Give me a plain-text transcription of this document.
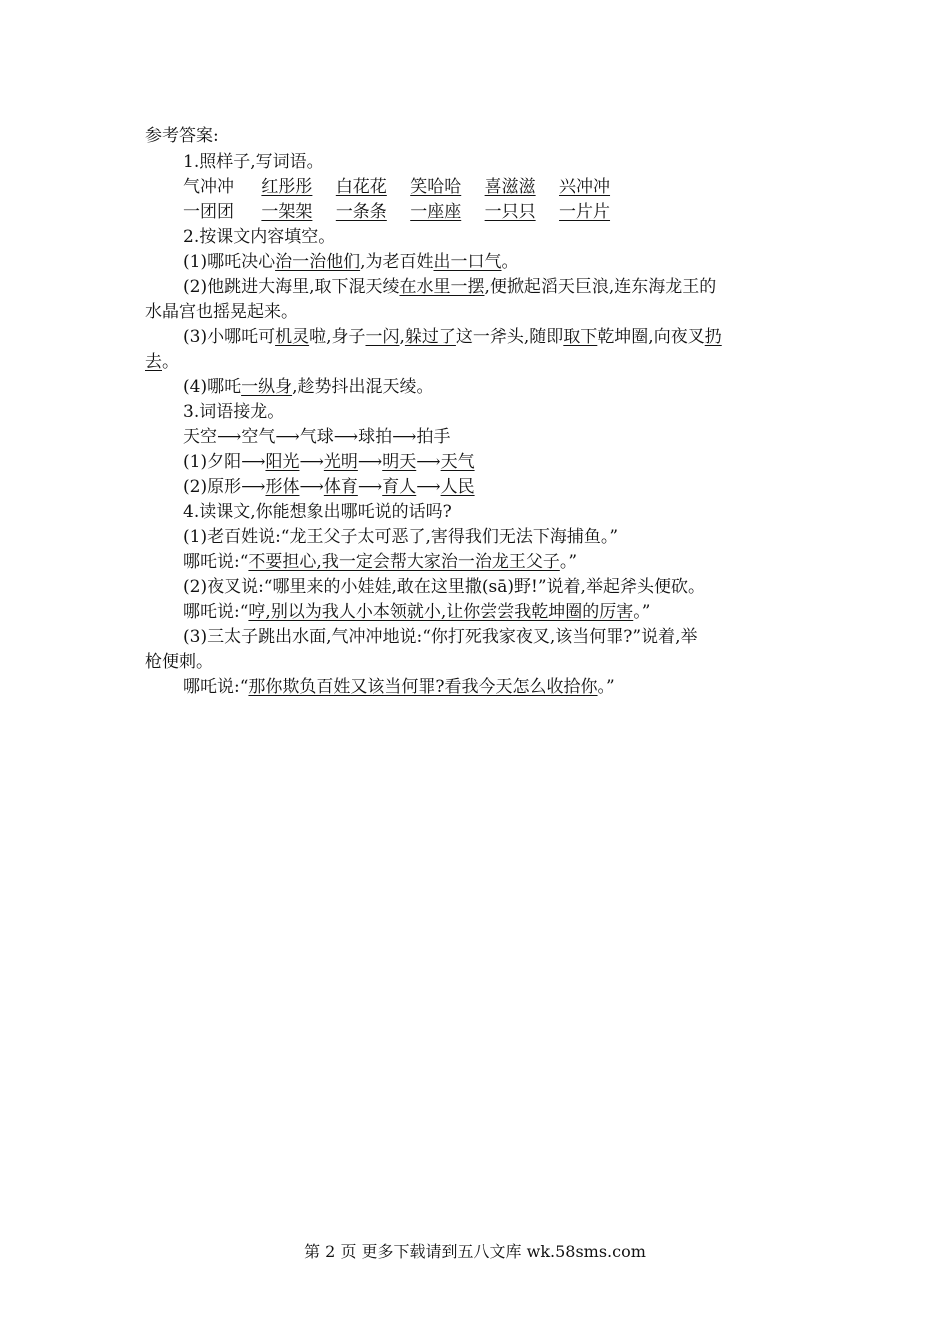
参考答案:
1.照样子,写词语。
气冲冲 红彤彤 白花花 笑哈哈 喜滋滋 兴冲冲
一团团 一架架 一条条 一座座 一只只 一片片
2.按课文内容填空。
(1)哪吒决心治一治他们,为老百姓出一口气。
(2)他跳进大海里,取下混天绫在水里一摆,便掀起滔天巨浪,连东海龙王的
水晶宫也摇晃起来。
(3)小哪吒可机灵啦,身子一闪,躲过了这一斧头,随即取下乾坤圈,向夜叉扔
去。
(4)哪吒一纵身,趁势抖出混天绫。
3.词语接龙。
天空⟶空气⟶气球⟶球拍⟶拍手
(1)夕阳⟶阳光⟶光明⟶明天⟶天气
(2)原形⟶形体⟶体育⟶育人⟶人民
4.读课文,你能想象出哪吒说的话吗?
(1)老百姓说:“龙王父子太可恶了,害得我们无法下海捕鱼。”
哪吒说:“不要担心,我一定会帮大家治一治龙王父子。”
(2)夜叉说:“哪里来的小娃娃,敢在这里撒(sā)野!”说着,举起斧头便砍。
哪吒说:“哼,别以为我人小本领就小,让你尝尝我乾坤圈的厉害。”
(3)三太子跳出水面,气冲冲地说:“你打死我家夜叉,该当何罪?”说着,举
枪便刺。
哪吒说:“那你欺负百姓又该当何罪?看我今天怎么收拾你。”
第 2 页 更多下载请到五八文库 wk.58sms.com
